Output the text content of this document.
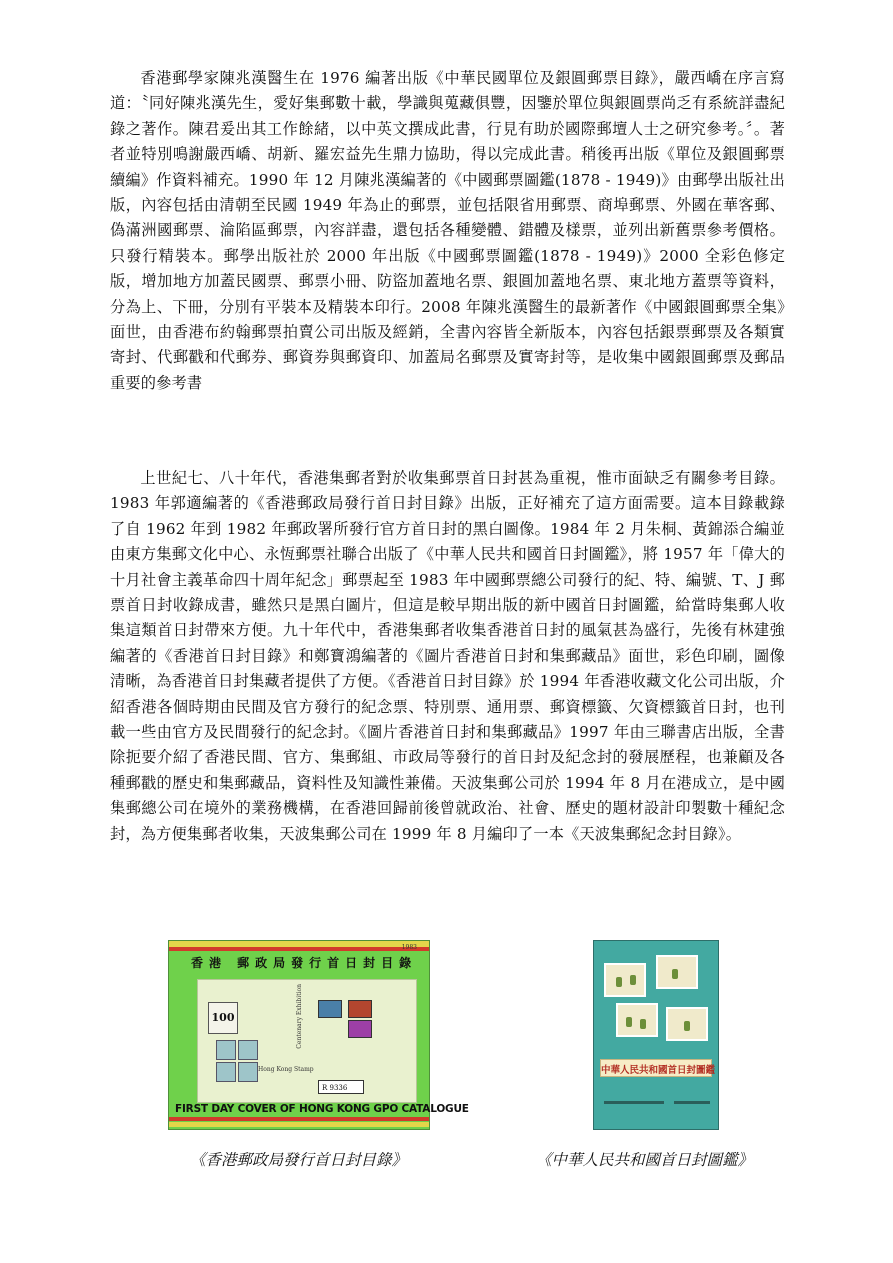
香港郵學家陳兆漢醫生在 1976 編著出版《中華民國單位及銀圓郵票目錄》，嚴西嶠在序言寫道：〝同好陳兆漢先生，愛好集郵數十載，學識與蒐藏俱豐，因鑒於單位與銀圓票尚乏有系統詳盡紀錄之著作。陳君爰出其工作餘緒，以中英文撰成此書，行見有助於國際郵壇人士之研究參考。〞。著者並特別鳴謝嚴西嶠、胡新、羅宏益先生鼎力協助，得以完成此書。稍後再出版《單位及銀圓郵票續編》作資料補充。1990 年 12 月陳兆漢編著的《中國郵票圖鑑(1878 - 1949)》由郵學出版社出版，內容包括由清朝至民國 1949 年為止的郵票，並包括限省用郵票、商埠郵票、外國在華客郵、偽滿洲國郵票、淪陷區郵票，內容詳盡，還包括各種變體、錯體及樣票，並列出新舊票參考價格。只發行精裝本。郵學出版社於 2000 年出版《中國郵票圖鑑(1878 - 1949)》2000 全彩色修定版，增加地方加蓋民國票、郵票小冊、防盜加蓋地名票、銀圓加蓋地名票、東北地方蓋票等資料，分為上、下冊，分別有平裝本及精裝本印行。2008 年陳兆漢醫生的最新著作《中國銀圓郵票全集》面世，由香港布約翰郵票拍賣公司出版及經銷，全書內容皆全新版本，內容包括銀票郵票及各類實寄封、代郵戳和代郵券、郵資券與郵資印、加蓋局名郵票及實寄封等，是收集中國銀圓郵票及郵品重要的參考書

上世紀七、八十年代，香港集郵者對於收集郵票首日封甚為重視，惟市面缺乏有關參考目錄。1983 年郭適編著的《香港郵政局發行首日封目錄》出版，正好補充了這方面需要。這本目錄載錄了自 1962 年到 1982 年郵政署所發行官方首日封的黑白圖像。1984 年 2 月朱桐、黃錦添合編並由東方集郵文化中心、永恆郵票社聯合出版了《中華人民共和國首日封圖鑑》，將 1957 年「偉大的十月社會主義革命四十周年紀念」郵票起至 1983 年中國郵票總公司發行的紀、特、編號、T、J 郵票首日封收錄成書，雖然只是黑白圖片，但這是較早期出版的新中國首日封圖鑑，給當時集郵人收集這類首日封帶來方便。九十年代中，香港集郵者收集香港首日封的風氣甚為盛行，先後有林建強編著的《香港首日封目錄》和鄭寶鴻編著的《圖片香港首日封和集郵藏品》面世，彩色印刷，圖像清晰，為香港首日封集藏者提供了方便。《香港首日封目錄》於 1994 年香港收藏文化公司出版，介紹香港各個時期由民間及官方發行的紀念票、特別票、通用票、郵資標籤、欠資標籤首日封，也刊載一些由官方及民間發行的紀念封。《圖片香港首日封和集郵藏品》1997 年由三聯書店出版，全書除扼要介紹了香港民間、官方、集郵組、市政局等發行的首日封及紀念封的發展歷程，也兼顧及各種郵戳的歷史和集郵藏品，資料性及知識性兼備。天波集郵公司於 1994 年 8 月在港成立，是中國集郵總公司在境外的業務機構，在香港回歸前後曾就政治、社會、歷史的題材設計印製數十種紀念封，為方便集郵者收集，天波集郵公司在 1999 年 8 月編印了一本《天波集郵紀念封目錄》。

1983
香港 郵政局發行首日封目錄
100
Hong Kong Stamp
Centenary Exhibition
R 9336
FIRST DAY COVER OF HONG KONG GPO CATALOGUE
中華人民共和國首日封圖鑑
《香港郵政局發行首日封目錄》	《中華人民共和國首日封圖鑑》
